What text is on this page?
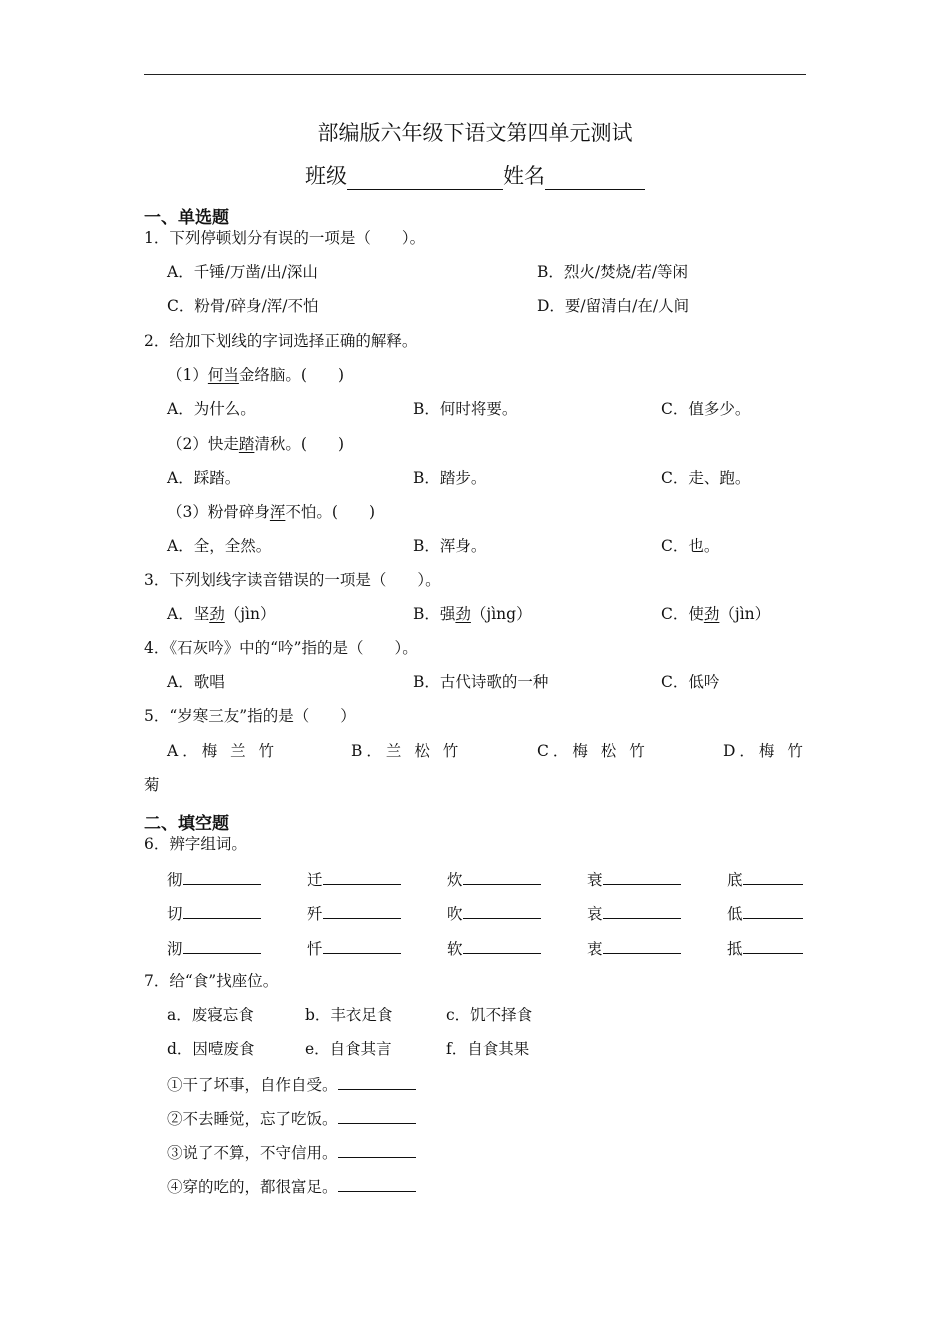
部编版六年级下语文第四单元测试
班级	姓名
一、单选题
1．下列停顿划分有误的一项是（　　）。
A．千锤/万凿/出/深山	B．烈火/焚烧/若/等闲
C．粉骨/碎身/浑/不怕	D．要/留清白/在/人间
2．给加下划线的字词选择正确的解释。
（1）何当金络脑。(　　)
A．为什么。	B．何时将要。	C．值多少。
（2）快走踏清秋。(　　)
A．踩踏。	B．踏步。	C．走、跑。
（3）粉骨碎身浑不怕。(　　)
A．全，全然。	B．浑身。	C．也。
3．下列划线字读音错误的一项是（　　）。
A．坚劲（jìn）	B．强劲（jìng）	C．使劲（jìn）
4．《石灰吟》中的“吟”指的是（　　）。
A．歌唱	B．古代诗歌的一种	C．低吟
5．“岁寒三友”指的是（　　）
A．梅 兰 竹	B．兰 松 竹	C．梅 松 竹	D．梅 竹
菊
二、填空题
6．辨字组词。
彻	迁	炊	衰	底
切	歼	吹	哀	低
沏	忏	软	衷	抵
7．给“食”找座位。
a．废寝忘食	b．丰衣足食	c．饥不择食
d．因噎废食	e．自食其言	f．自食其果
①干了坏事，自作自受。
②不去睡觉，忘了吃饭。
③说了不算，不守信用。
④穿的吃的，都很富足。
